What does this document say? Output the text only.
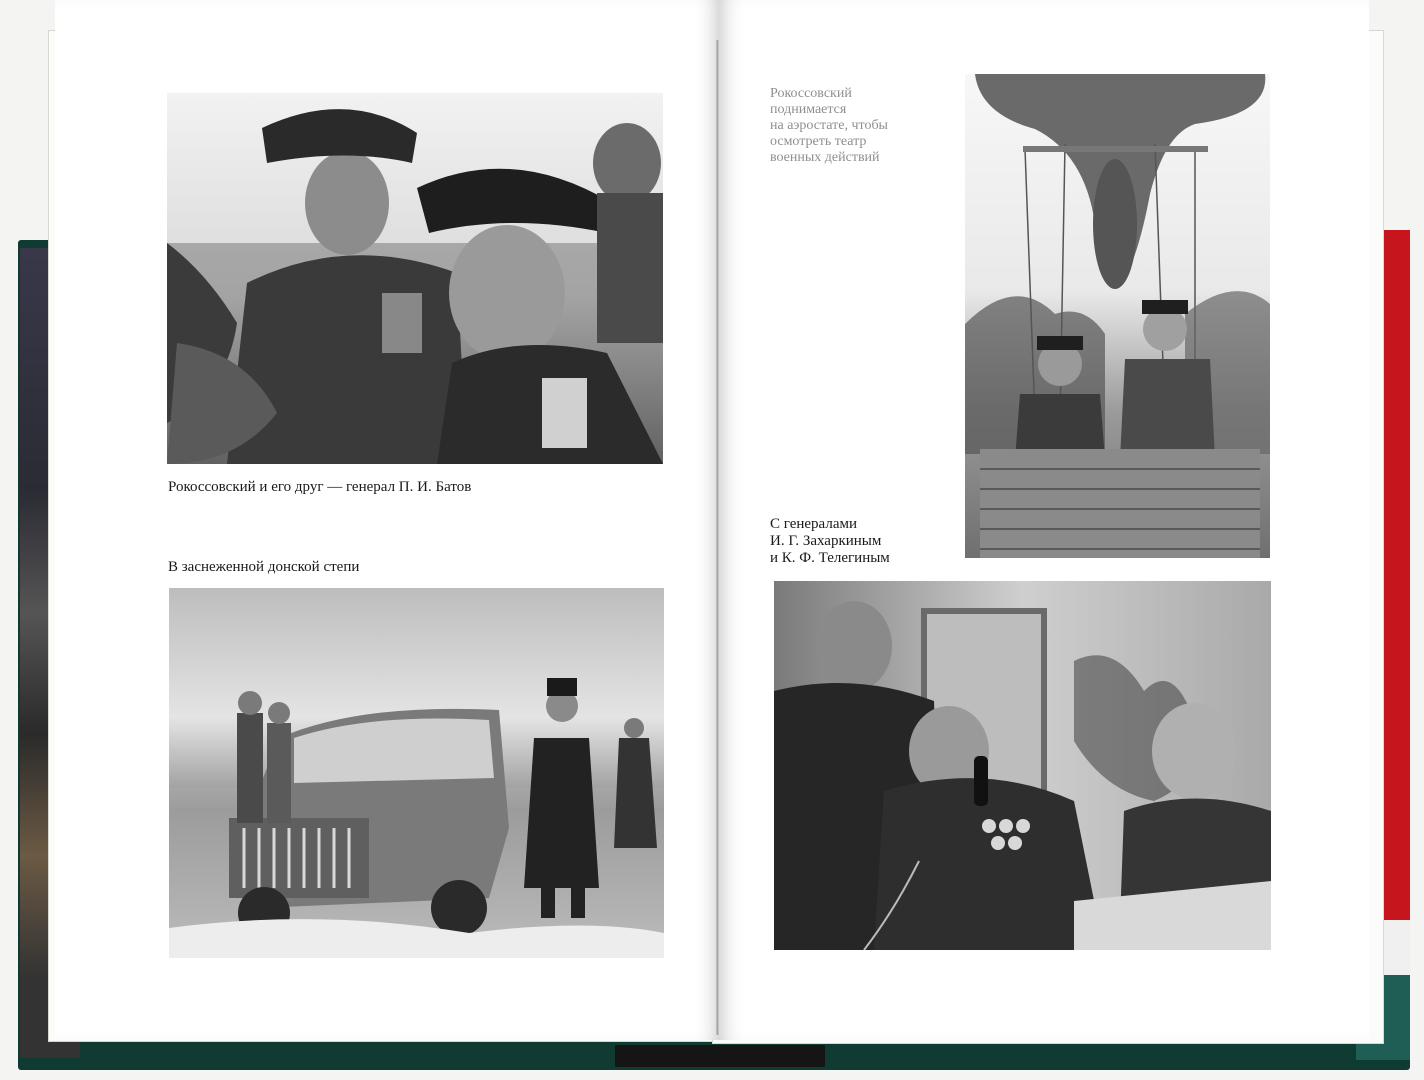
Рокоссовский и его друг — генерал П. И. Батов

В заснеженной донской степи

Рокоссовский
поднимается
на аэростате, чтобы
осмотреть театр
военных действий

С генералами
И. Г. Захаркиным
и К. Ф. Телегиным
